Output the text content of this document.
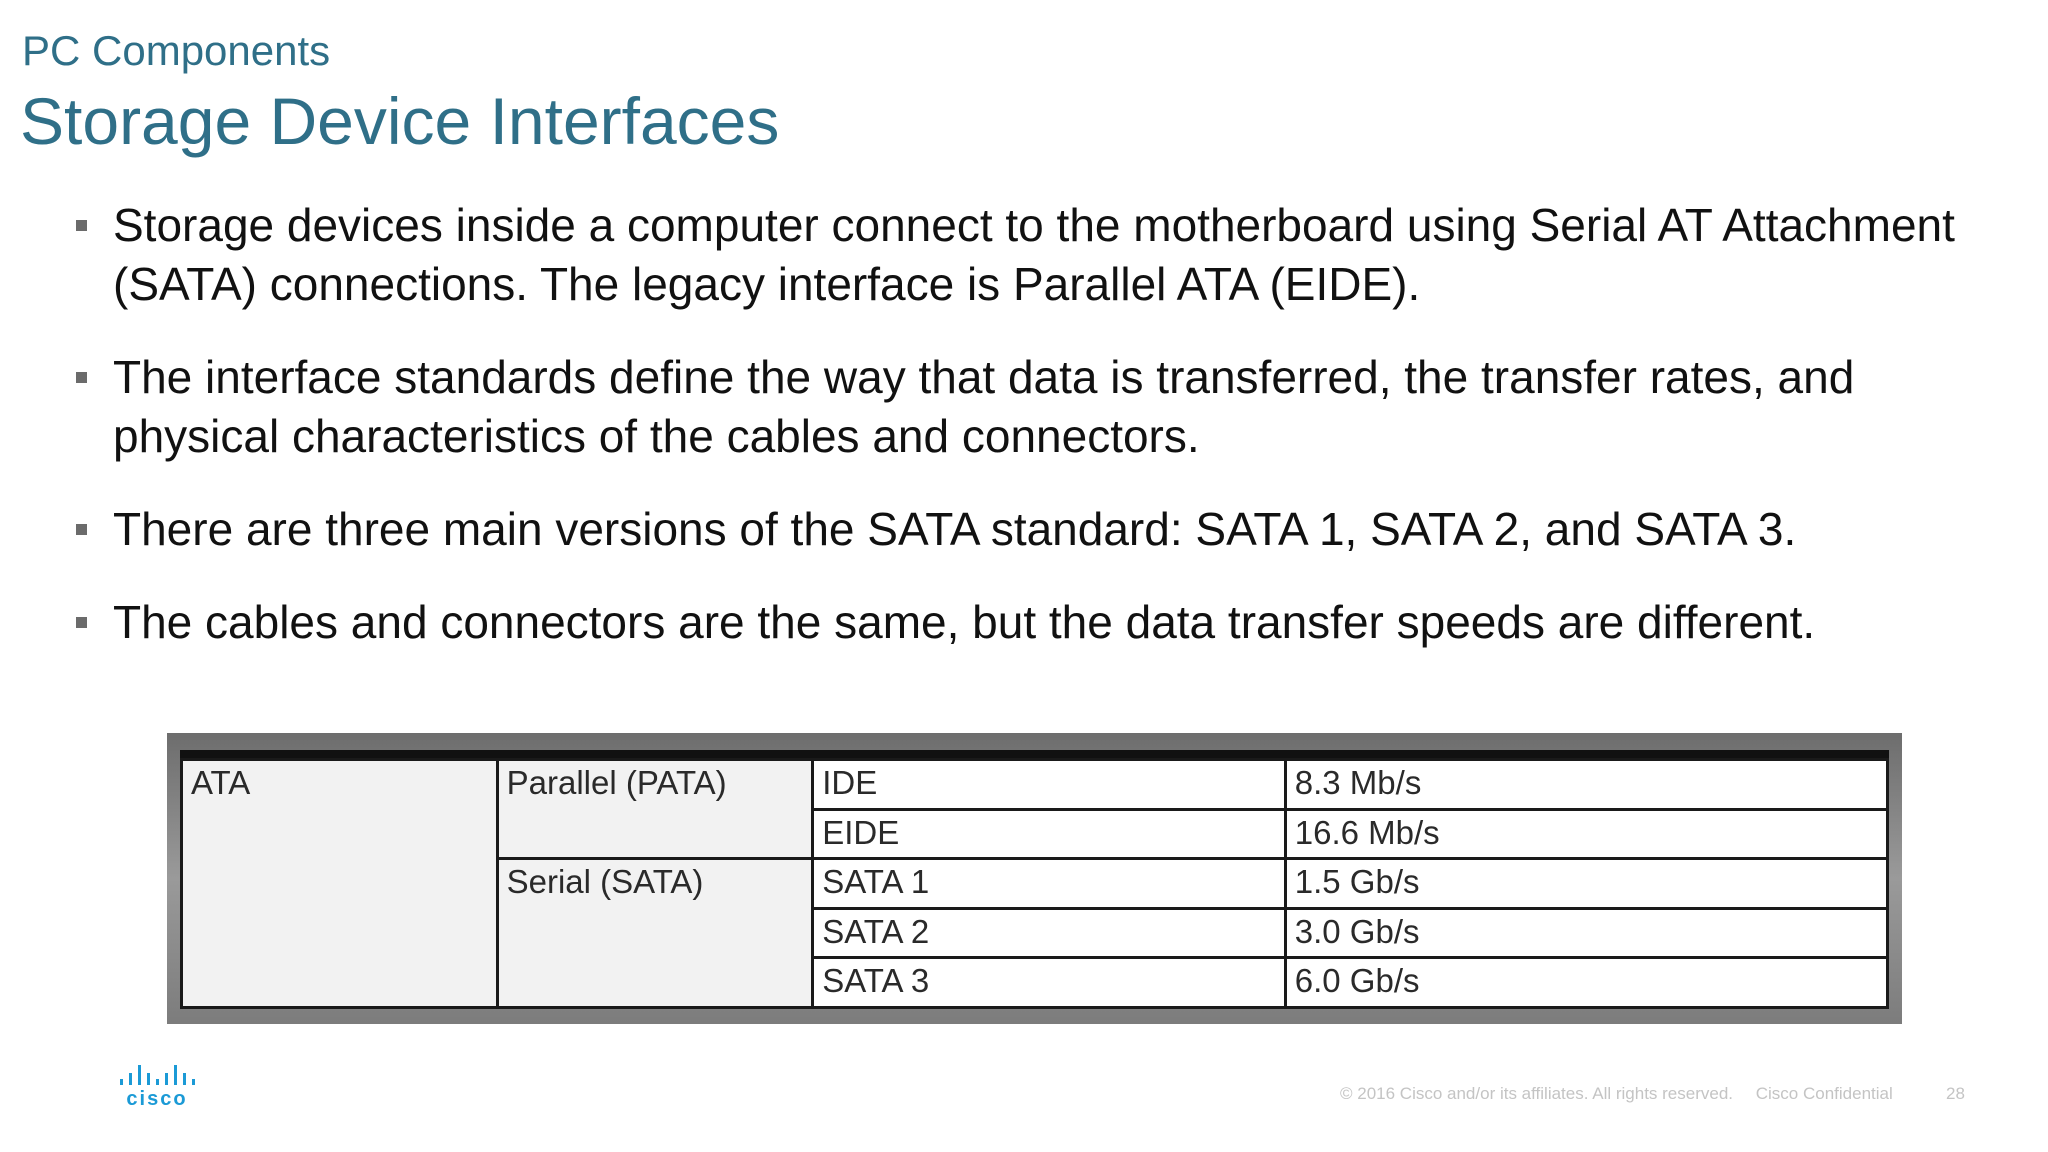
PC Components
Storage Device Interfaces
Storage devices inside a computer connect to the motherboard using Serial AT Attachment (SATA) connections. The legacy interface is Parallel ATA (EIDE).
The interface standards define the way that data is transferred, the transfer rates, and physical characteristics of the cables and connectors.
There are three main versions of the SATA standard: SATA 1, SATA 2, and SATA 3.
The cables and connectors are the same, but the data transfer speeds are different.
ATA	Parallel (PATA)	IDE	8.3 Mb/s
		EIDE	16.6 Mb/s
	Serial (SATA)	SATA 1	1.5 Gb/s
		SATA 2	3.0 Gb/s
		SATA 3	6.0 Gb/s
cisco	© 2016 Cisco and/or its affiliates. All rights reserved. Cisco Confidential	28
